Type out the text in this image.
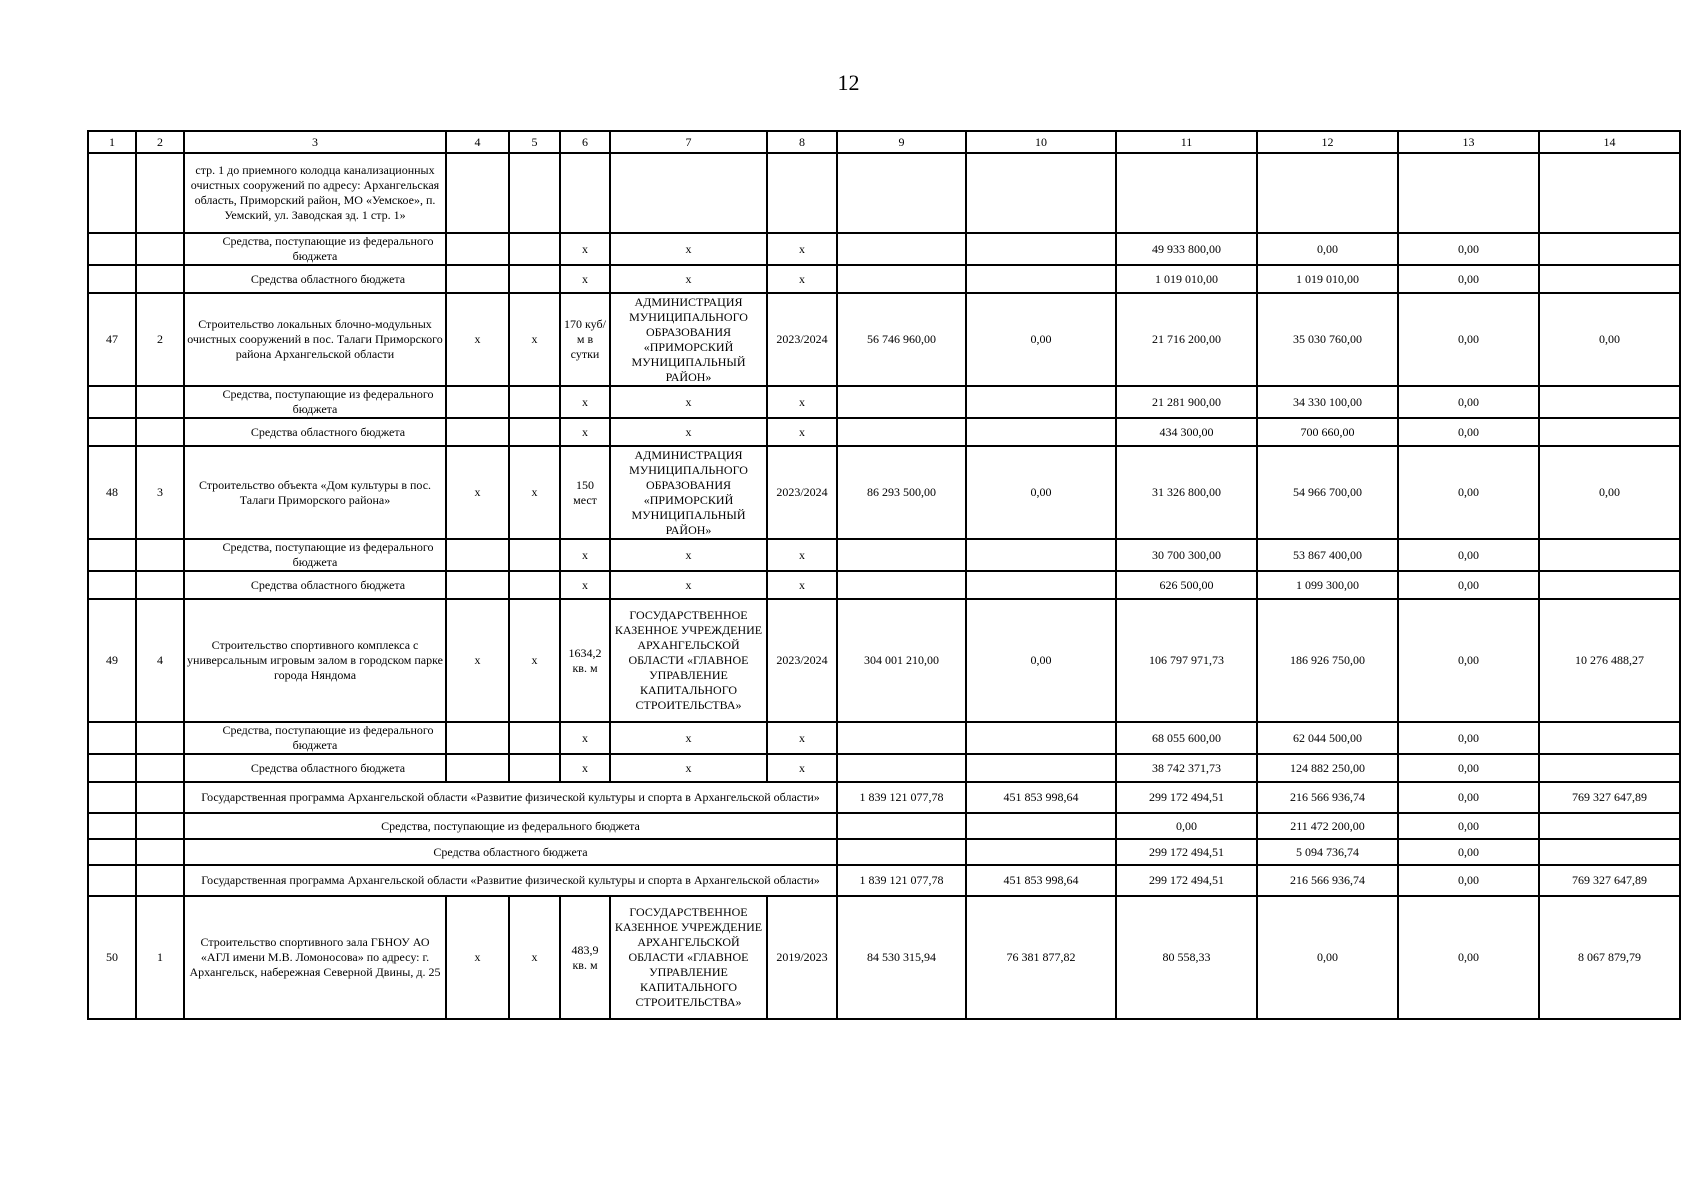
12
1	2	3	4	5	6	7	8	9	10	11	12	13	14
		стр. 1 до приемного колодца канализационных очистных сооружений по адресу: Архангельская область, Приморский район, МО «Уемское», п. Уемский, ул. Заводская зд. 1 стр. 1»											
		Средства, поступающие из федерального бюджета			х	х	х			49 933 800,00	0,00	0,00	
		Средства областного бюджета			х	х	х			1 019 010,00	1 019 010,00	0,00	
47	2	Строительство локальных блочно-модульных очистных сооружений в пос. Талаги Приморского района Архангельской области	х	х	170 куб/м в сутки	АДМИНИСТРАЦИЯ МУНИЦИПАЛЬНОГО ОБРАЗОВАНИЯ «ПРИМОРСКИЙ МУНИЦИПАЛЬНЫЙ РАЙОН»	2023/2024	56 746 960,00	0,00	21 716 200,00	35 030 760,00	0,00	0,00
		Средства, поступающие из федерального бюджета			х	х	х			21 281 900,00	34 330 100,00	0,00	
		Средства областного бюджета			х	х	х			434 300,00	700 660,00	0,00	
48	3	Строительство объекта «Дом культуры в пос. Талаги Приморского района»	х	х	150 мест	АДМИНИСТРАЦИЯ МУНИЦИПАЛЬНОГО ОБРАЗОВАНИЯ «ПРИМОРСКИЙ МУНИЦИПАЛЬНЫЙ РАЙОН»	2023/2024	86 293 500,00	0,00	31 326 800,00	54 966 700,00	0,00	0,00
		Средства, поступающие из федерального бюджета			х	х	х			30 700 300,00	53 867 400,00	0,00	
		Средства областного бюджета			х	х	х			626 500,00	1 099 300,00	0,00	
49	4	Строительство спортивного комплекса с универсальным игровым залом в городском парке города Няндома	х	х	1634,2 кв. м	ГОСУДАРСТВЕННОЕ КАЗЕННОЕ УЧРЕЖДЕНИЕ АРХАНГЕЛЬСКОЙ ОБЛАСТИ «ГЛАВНОЕ УПРАВЛЕНИЕ КАПИТАЛЬНОГО СТРОИТЕЛЬСТВА»	2023/2024	304 001 210,00	0,00	106 797 971,73	186 926 750,00	0,00	10 276 488,27
		Средства, поступающие из федерального бюджета			х	х	х			68 055 600,00	62 044 500,00	0,00	
		Средства областного бюджета			х	х	х			38 742 371,73	124 882 250,00	0,00	
		Государственная программа Архангельской области «Развитие физической культуры и спорта в Архангельской области»						1 839 121 077,78	451 853 998,64	299 172 494,51	216 566 936,74	0,00	769 327 647,89
		Средства, поступающие из федерального бюджета								0,00	211 472 200,00	0,00	
		Средства областного бюджета								299 172 494,51	5 094 736,74	0,00	
		Государственная программа Архангельской области «Развитие физической культуры и спорта в Архангельской области»						1 839 121 077,78	451 853 998,64	299 172 494,51	216 566 936,74	0,00	769 327 647,89
50	1	Строительство спортивного зала ГБНОУ АО «АГЛ имени М.В. Ломоносова» по адресу: г. Архангельск, набережная Северной Двины, д. 25	х	х	483,9 кв. м	ГОСУДАРСТВЕННОЕ КАЗЕННОЕ УЧРЕЖДЕНИЕ АРХАНГЕЛЬСКОЙ ОБЛАСТИ «ГЛАВНОЕ УПРАВЛЕНИЕ КАПИТАЛЬНОГО СТРОИТЕЛЬСТВА»	2019/2023	84 530 315,94	76 381 877,82	80 558,33	0,00	0,00	8 067 879,79
